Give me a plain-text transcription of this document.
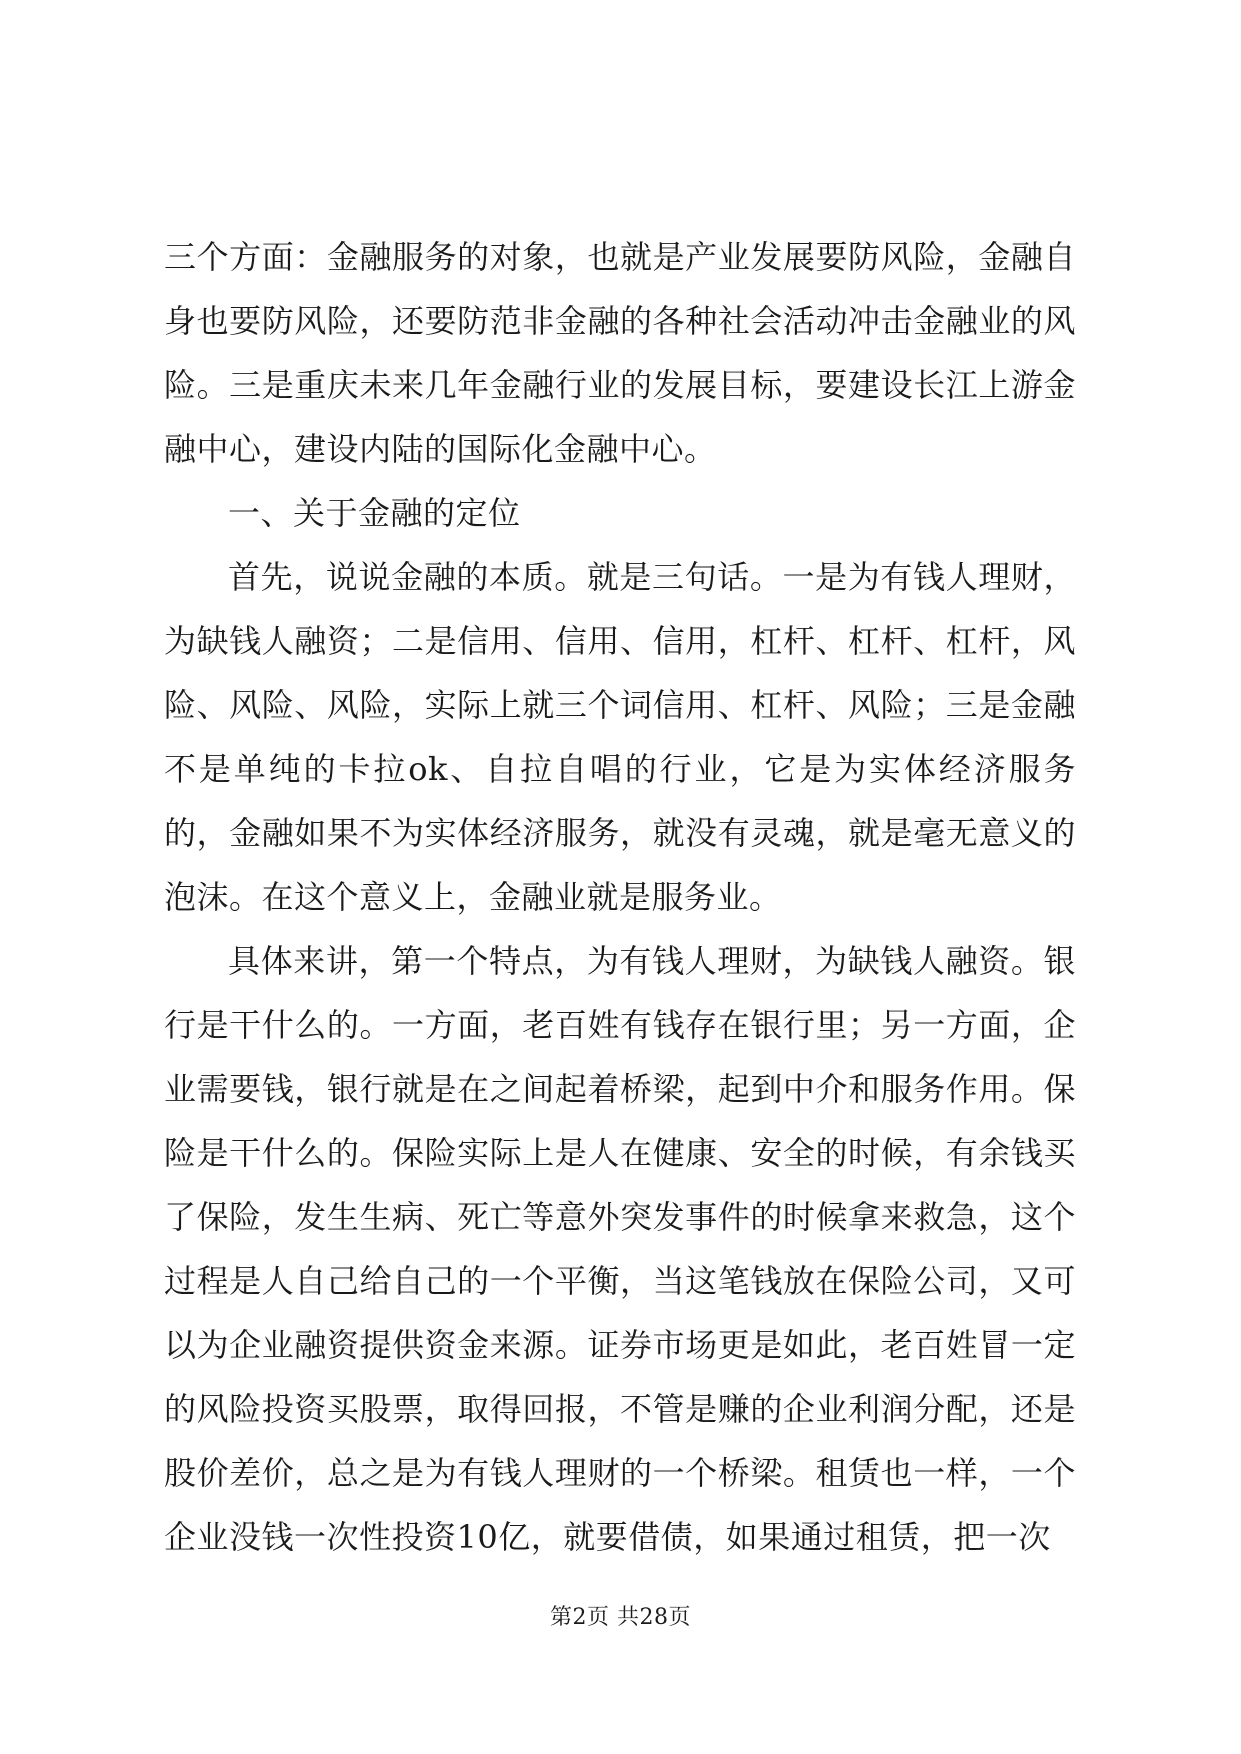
三个方面：金融服务的对象，也就是产业发展要防风险，金融自身也要防风险，还要防范非金融的各种社会活动冲击金融业的风险。三是重庆未来几年金融行业的发展目标，要建设长江上游金融中心，建设内陆的国际化金融中心。

一、关于金融的定位

首先，说说金融的本质。就是三句话。一是为有钱人理财，为缺钱人融资；二是信用、信用、信用，杠杆、杠杆、杠杆，风险、风险、风险，实际上就三个词信用、杠杆、风险；三是金融不是单纯的卡拉ok、自拉自唱的行业，它是为实体经济服务的，金融如果不为实体经济服务，就没有灵魂，就是毫无意义的泡沫。在这个意义上，金融业就是服务业。

具体来讲，第一个特点，为有钱人理财，为缺钱人融资。银行是干什么的。一方面，老百姓有钱存在银行里；另一方面，企业需要钱，银行就是在之间起着桥梁，起到中介和服务作用。保险是干什么的。保险实际上是人在健康、安全的时候，有余钱买了保险，发生生病、死亡等意外突发事件的时候拿来救急，这个过程是人自己给自己的一个平衡，当这笔钱放在保险公司，又可以为企业融资提供资金来源。证券市场更是如此，老百姓冒一定的风险投资买股票，取得回报，不管是赚的企业利润分配，还是股价差价，总之是为有钱人理财的一个桥梁。租赁也一样，一个企业没钱一次性投资10亿，就要借债，如果通过租赁，把一次

第2页 共28页
